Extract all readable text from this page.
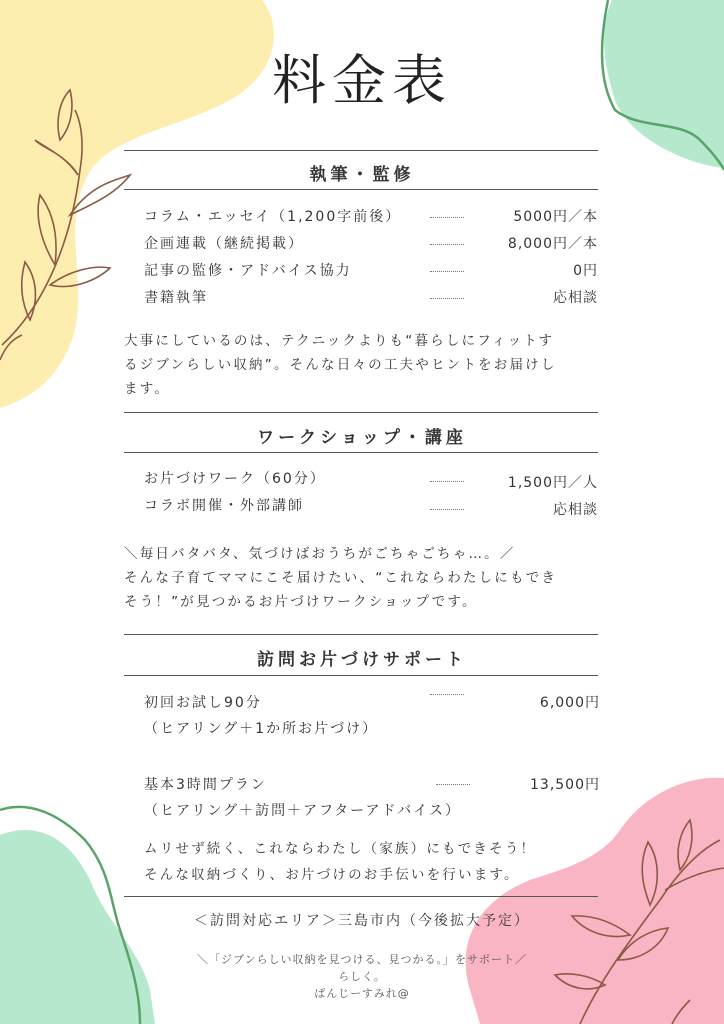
料金表
執筆・監修
コラム・エッセイ（1,200字前後）	5000円／本
企画連載（継続掲載）	8,000円／本
記事の監修・アドバイス協力	0円
書籍執筆	応相談
大事にしているのは、テクニックよりも“暮らしにフィットす
るジブンらしい収納”。そんな日々の工夫やヒントをお届けし
ます。
ワークショップ・講座
お片づけワーク（60分）	1,500円／人
コラボ開催・外部講師	応相談
＼毎日バタバタ、気づけばおうちがごちゃごちゃ…。／
そんな子育てママにこそ届けたい、“これならわたしにもでき
そう！”が見つかるお片づけワークショップです。
訪問お片づけサポート
初回お試し90分	6,000円
（ヒアリング＋1か所お片づけ）
基本3時間プラン	13,500円
（ヒアリング＋訪問＋アフターアドバイス）
ムリせず続く、これならわたし（家族）にもできそう！
そんな収納づくり、お片づけのお手伝いを行います。
＜訪問対応エリア＞三島市内（今後拡大予定）
＼「ジブンらしい収納を見つける、見つかる。」をサポート／
らしく。
ぱんじーすみれ@
